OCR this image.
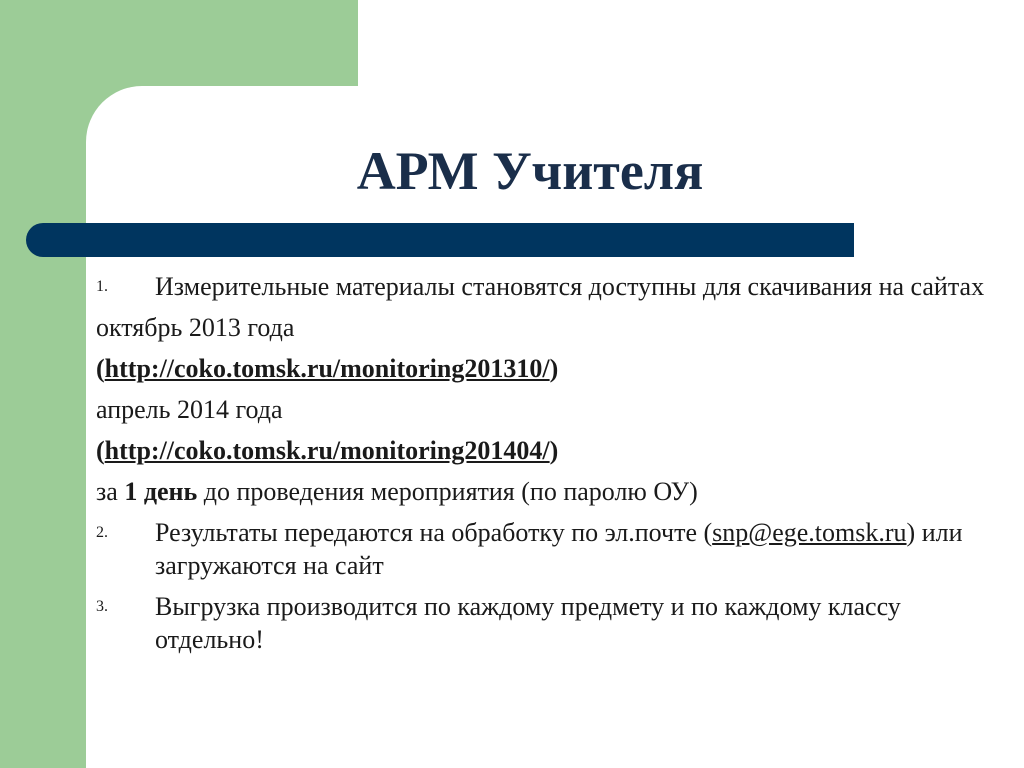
АРМ Учителя
1. Измерительные материалы становятся доступны для скачивания на сайтах
октябрь 2013 года
(http://coko.tomsk.ru/monitoring201310/)
апрель 2014 года
(http://coko.tomsk.ru/monitoring201404/)
за 1 день до проведения мероприятия (по паролю ОУ)
2. Результаты передаются на обработку по эл.почте (snp@ege.tomsk.ru) или загружаются на сайт
3. Выгрузка производится по каждому предмету и по каждому классу отдельно!
